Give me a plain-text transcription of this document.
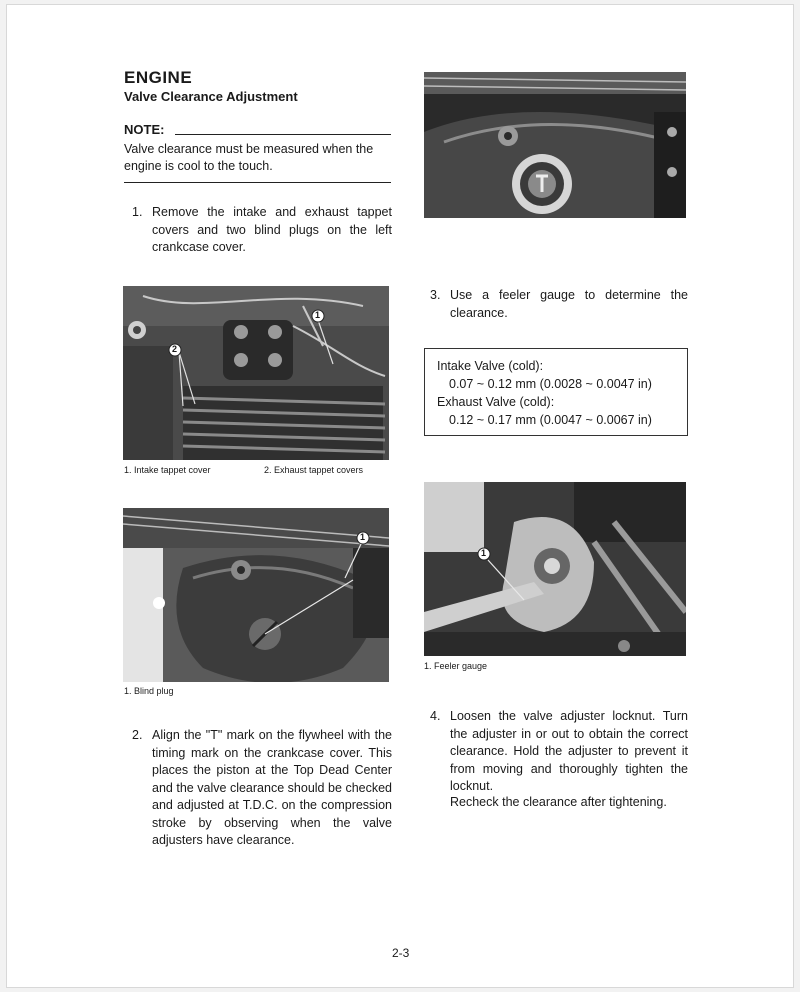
ENGINE
Valve Clearance Adjustment
NOTE:
Valve clearance must be measured when the engine is cool to the touch.
1. Remove the intake and exhaust tappet covers and two blind plugs on the left crankcase cover.
2
1
1. Intake tappet cover	2. Exhaust tappet covers
1
1. Blind plug
2. Align the "T" mark on the flywheel with the timing mark on the crankcase cover. This places the piston at the Top Dead Center and the valve clearance should be checked and adjusted at T.D.C. on the compression stroke by observing when the valve adjusters have clearance.
3. Use a feeler gauge to determine the clearance.
Intake Valve (cold):
0.07 ~ 0.12 mm (0.0028 ~ 0.0047 in)
Exhaust Valve (cold):
0.12 ~ 0.17 mm (0.0047 ~ 0.0067 in)
1
1. Feeler gauge
4. Loosen the valve adjuster locknut. Turn the adjuster in or out to obtain the correct clearance. Hold the adjuster to prevent it from moving and thoroughly tighten the locknut.
Recheck the clearance after tightening.
2-3
